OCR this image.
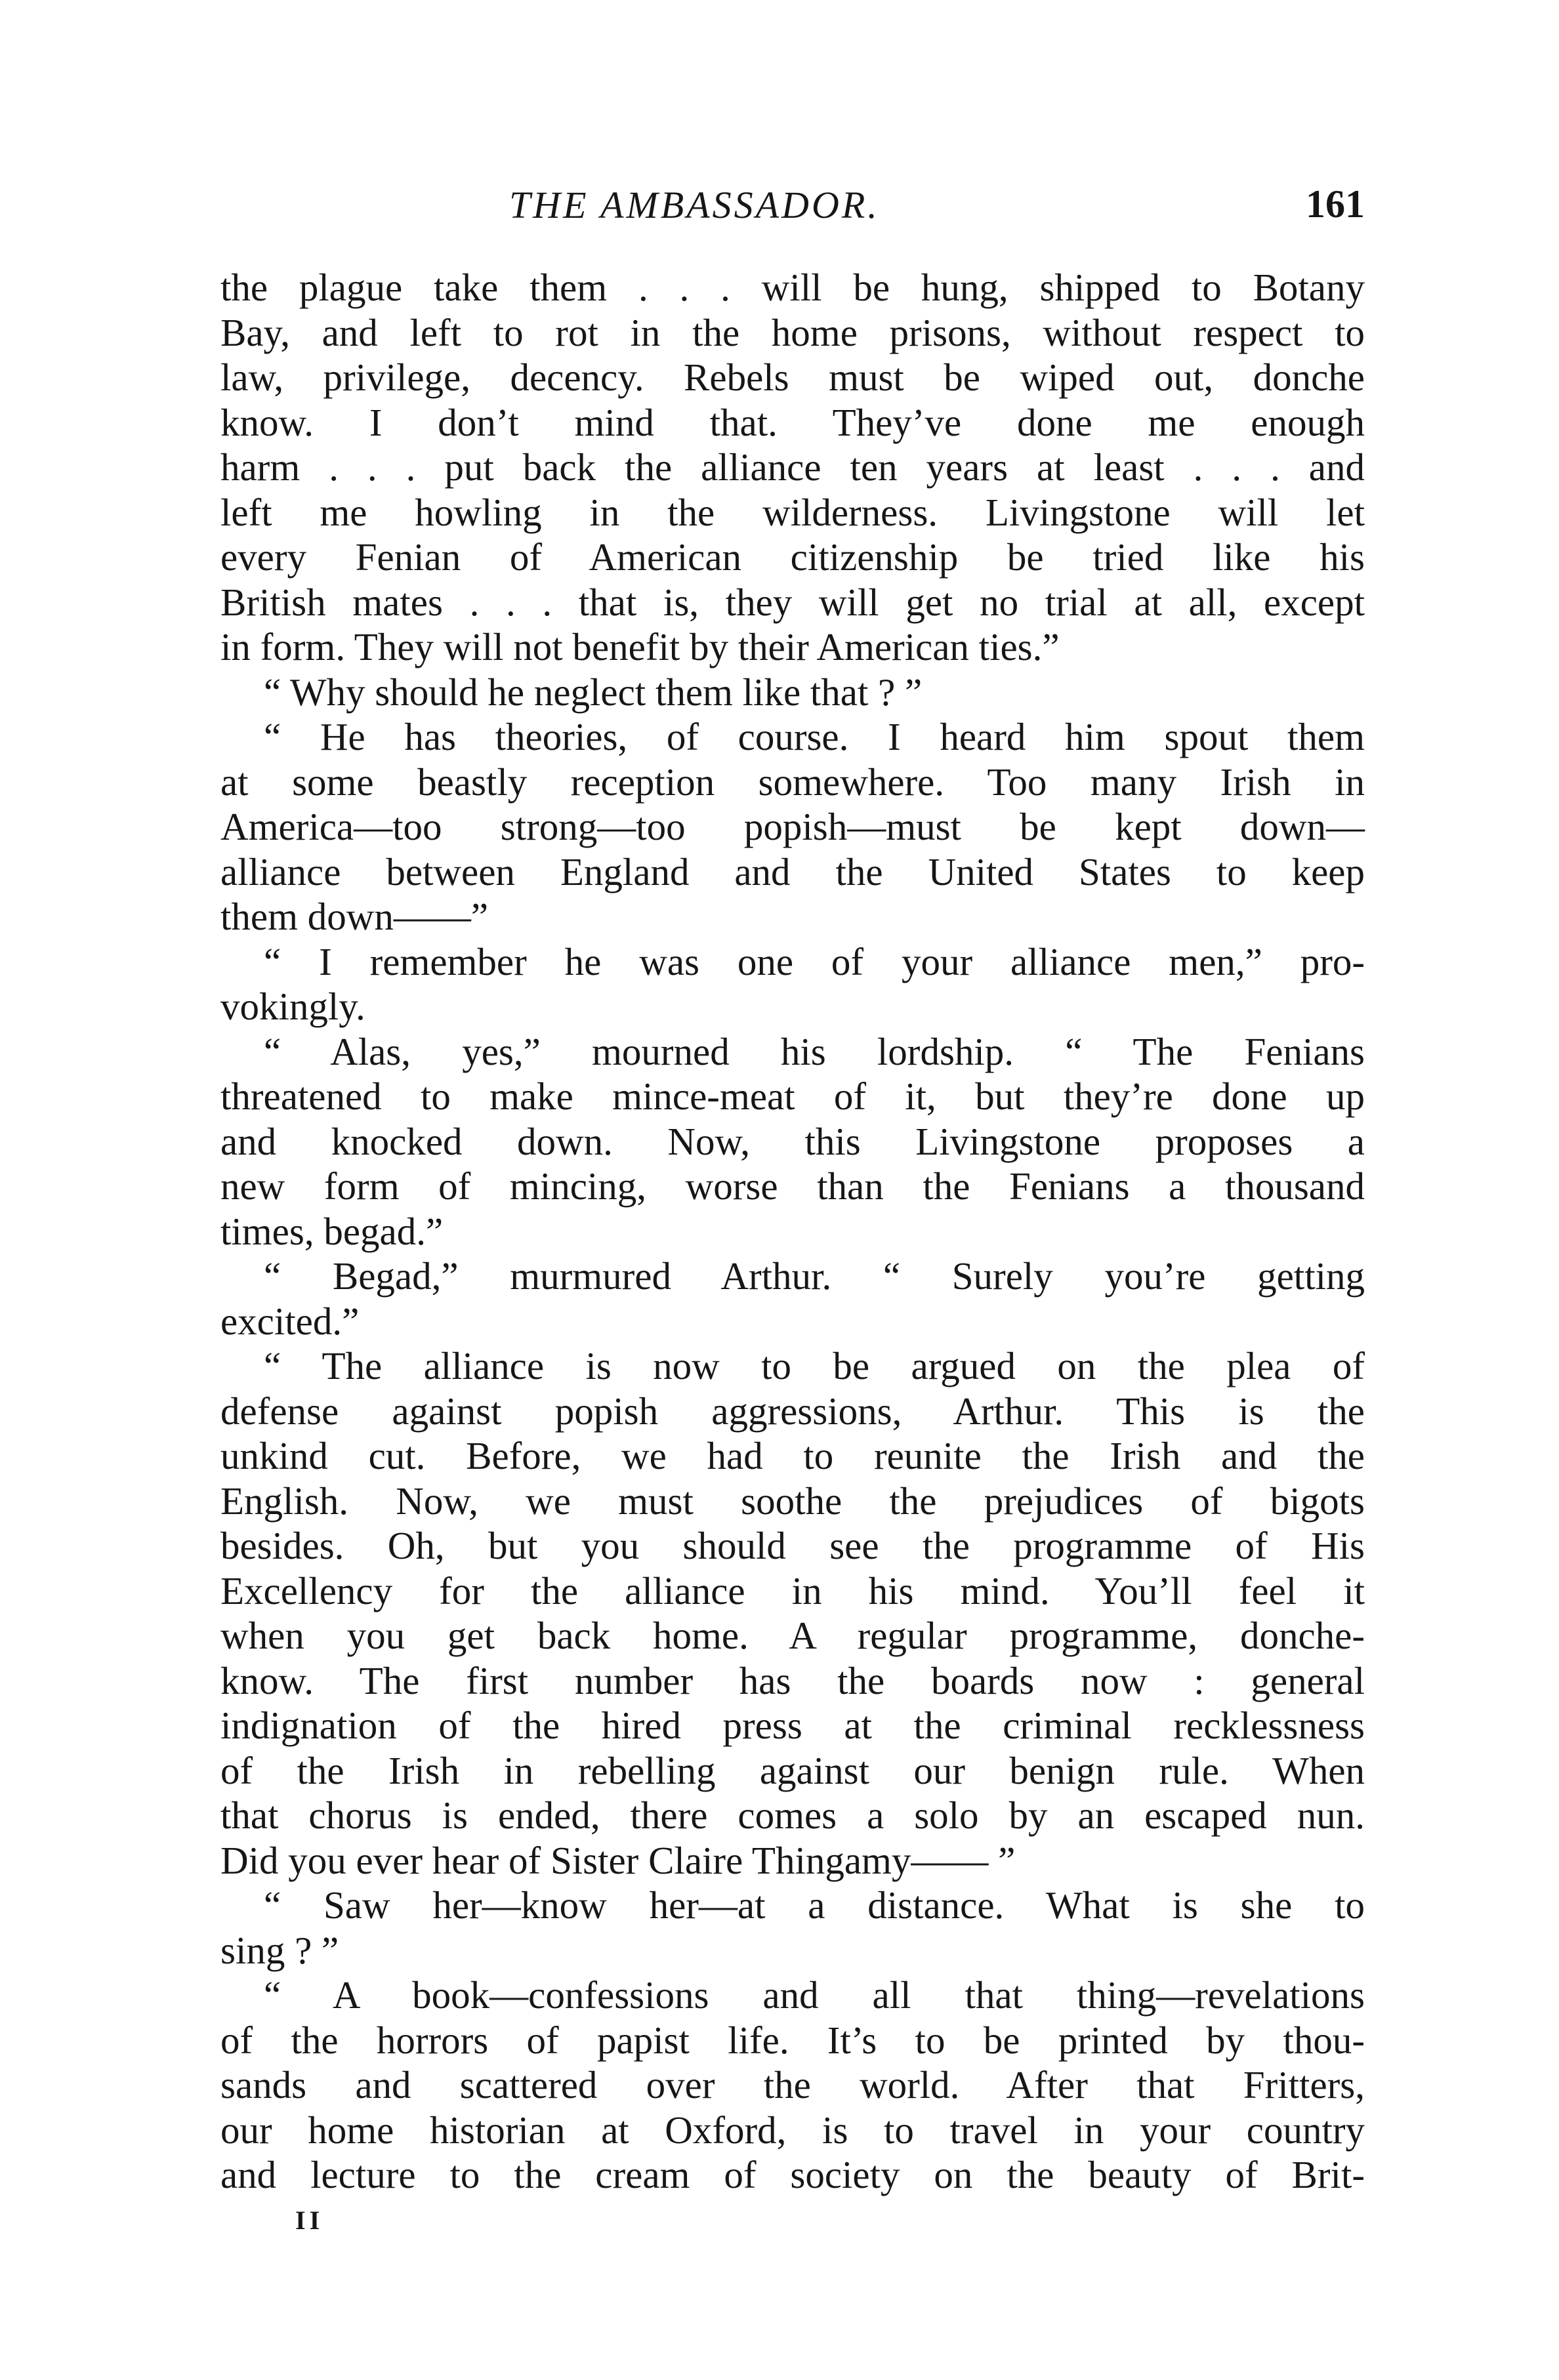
THE AMBASSADOR.	161
the plague take them . . . will be hung, shipped to Botany
Bay, and left to rot in the home prisons, without respect to
law, privilege, decency. Rebels must be wiped out, donche
know. I don’t mind that. They’ve done me enough
harm . . . put back the alliance ten years at least . . . and
left me howling in the wilderness. Livingstone will let
every Fenian of American citizenship be tried like his
British mates . . . that is, they will get no trial at all, except
in form. They will not benefit by their American ties.”
“ Why should he neglect them like that ? ”
“ He has theories, of course. I heard him spout them
at some beastly reception somewhere. Too many Irish in
America—too strong—too popish—must be kept down—
alliance between England and the United States to keep
them down——”
“ I remember he was one of your alliance men,” pro-
vokingly.
“ Alas, yes,” mourned his lordship. “ The Fenians
threatened to make mince-meat of it, but they’re done up
and knocked down. Now, this Livingstone proposes a
new form of mincing, worse than the Fenians a thousand
times, begad.”
“ Begad,” murmured Arthur. “ Surely you’re getting
excited.”
“ The alliance is now to be argued on the plea of
defense against popish aggressions, Arthur. This is the
unkind cut. Before, we had to reunite the Irish and the
English. Now, we must soothe the prejudices of bigots
besides. Oh, but you should see the programme of His
Excellency for the alliance in his mind. You’ll feel it
when you get back home. A regular programme, donche-
know. The first number has the boards now : general
indignation of the hired press at the criminal recklessness
of the Irish in rebelling against our benign rule. When
that chorus is ended, there comes a solo by an escaped nun.
Did you ever hear of Sister Claire Thingamy—— ”
“ Saw her—know her—at a distance. What is she to
sing ? ”
“ A book—confessions and all that thing—revelations
of the horrors of papist life. It’s to be printed by thou-
sands and scattered over the world. After that Fritters,
our home historian at Oxford, is to travel in your country
and lecture to the cream of society on the beauty of Brit-
II
